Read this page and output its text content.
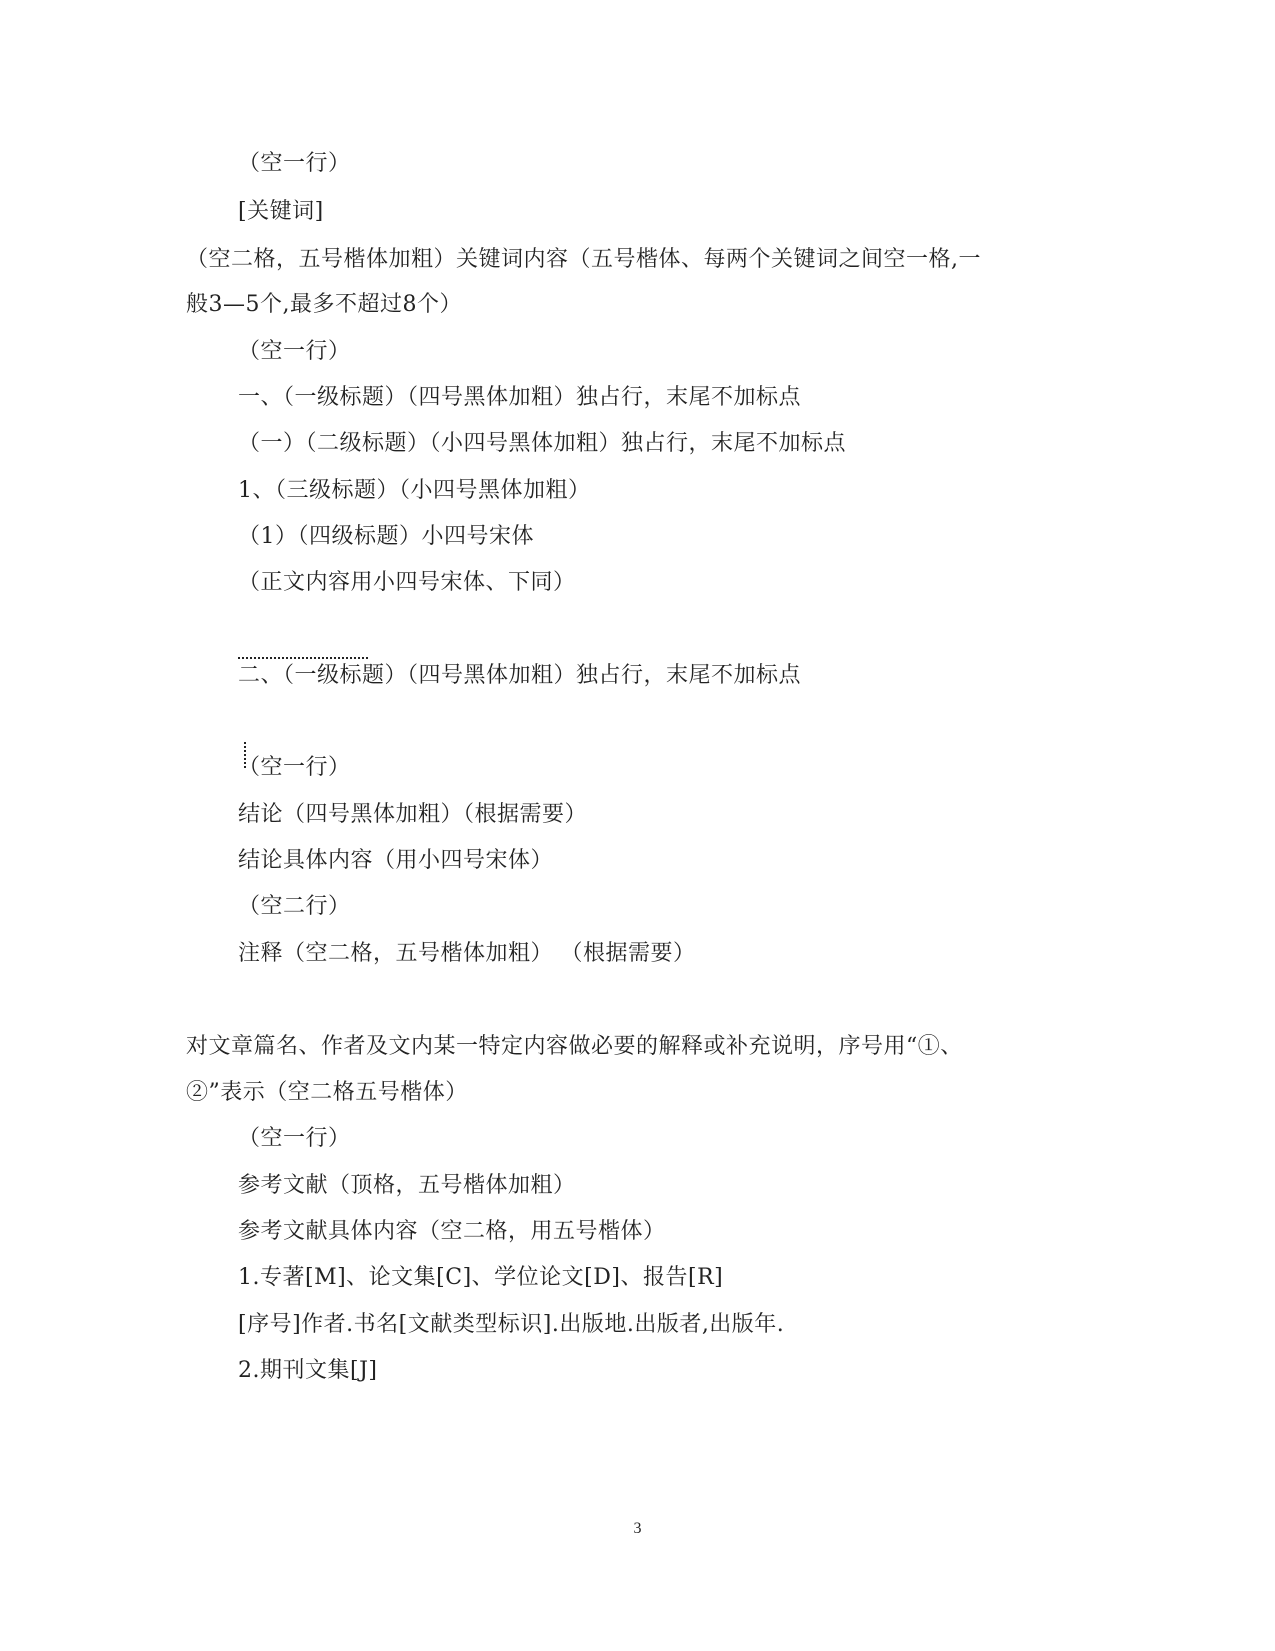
（空一行）
[关键词]
（空二格，五号楷体加粗）关键词内容（五号楷体、每两个关键词之间空一格,一
般3—5个,最多不超过8个）
（空一行）
一、（一级标题）（四号黑体加粗）独占行，末尾不加标点
（一）（二级标题）（小四号黑体加粗）独占行，末尾不加标点
1、（三级标题）（小四号黑体加粗）
（1）（四级标题）小四号宋体
（正文内容用小四号宋体、下同）
二、（一级标题）（四号黑体加粗）独占行，末尾不加标点
（空一行）
结论（四号黑体加粗）（根据需要）
结论具体内容（用小四号宋体）
（空二行）
注释（空二格，五号楷体加粗） （根据需要）
对文章篇名、作者及文内某一特定内容做必要的解释或补充说明，序号用“①、
②”表示（空二格五号楷体）
（空一行）
参考文献（顶格，五号楷体加粗）
参考文献具体内容（空二格，用五号楷体）
1.专著[M]、论文集[C]、学位论文[D]、报告[R]
[序号]作者.书名[文献类型标识].出版地.出版者,出版年.
2.期刊文集[J]
3
